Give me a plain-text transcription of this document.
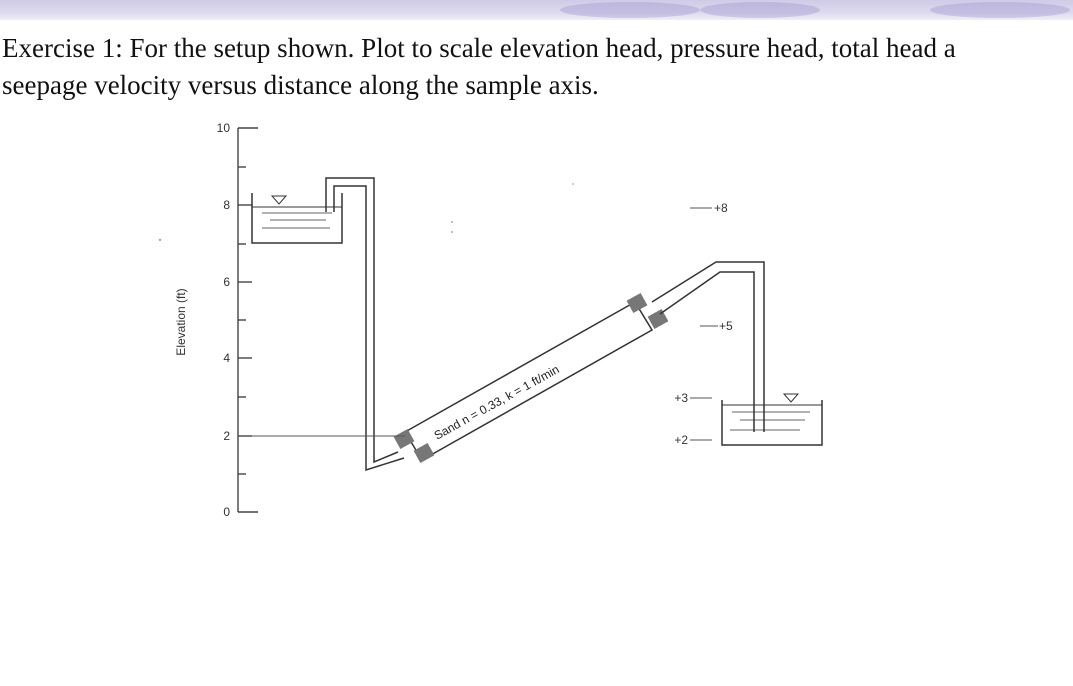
Exercise 1: For the setup shown. Plot to scale elevation head, pressure head, total head a
seepage velocity versus distance along the sample axis.
10
8
6
4
2
0
Elevation (ft)
Sand n = 0.33, k = 1 ft/min
+8
+5
+3
+2
